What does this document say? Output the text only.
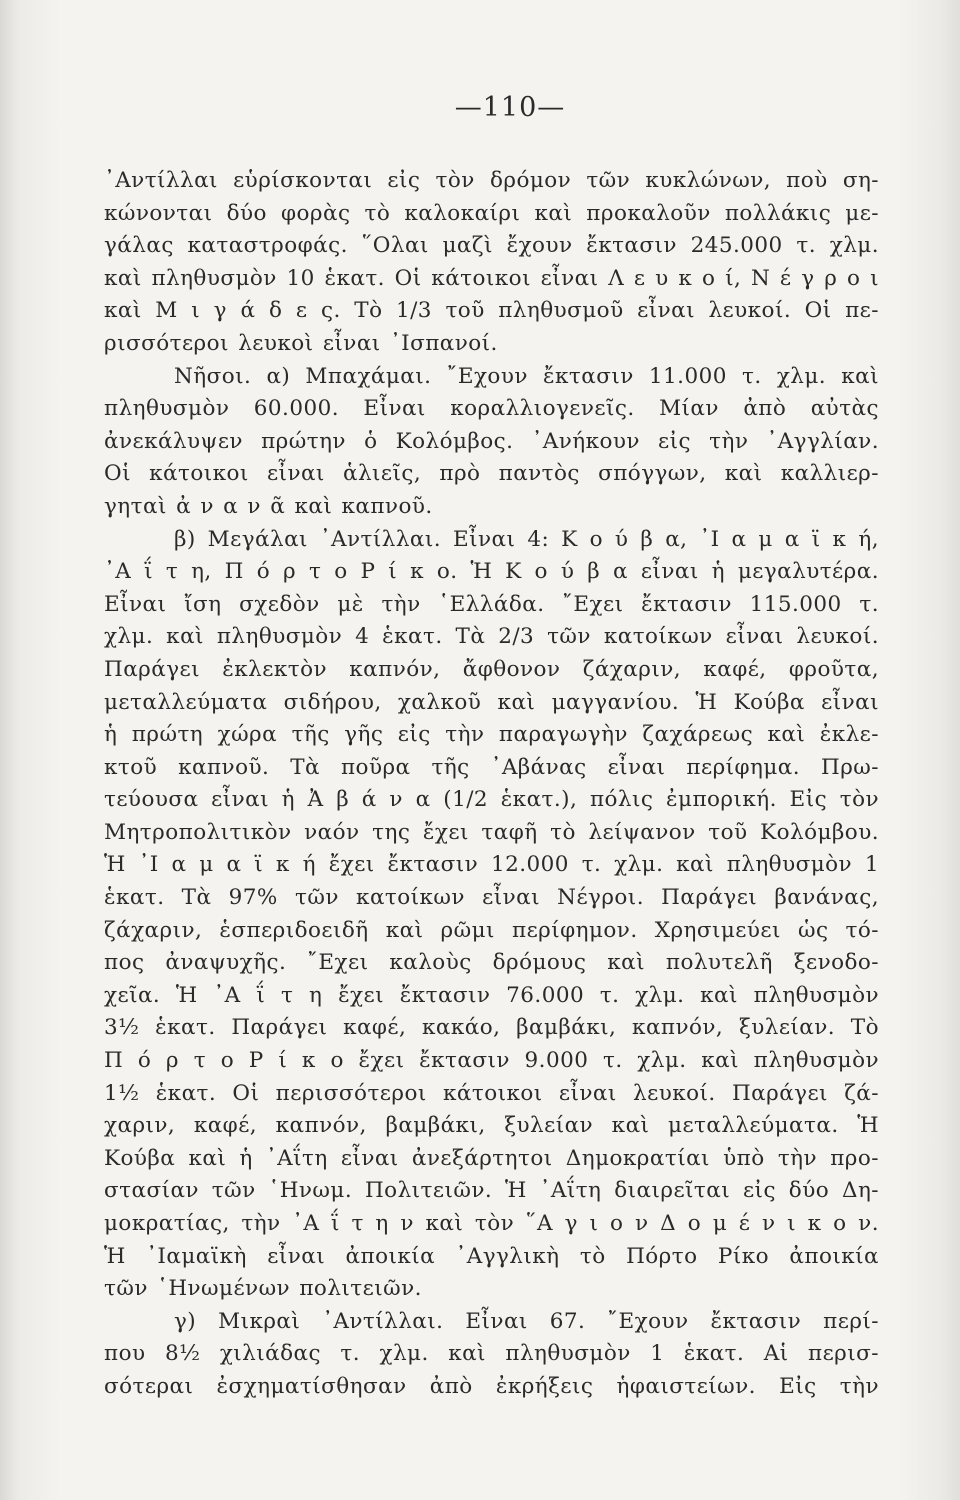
—110—
᾿Αντίλλαι εὑρίσκονται εἰς τὸν δρόμον τῶν κυκλώνων, ποὺ ση-
κώνονται δύο φορὰς τὸ καλοκαίρι καὶ προκαλοῦν πολλάκις με-
γάλας καταστροφάς. ῞Ολαι μαζὶ ἔχουν ἔκτασιν 245.000 τ. χλμ.
καὶ πληθυσμὸν 10 ἑκατ. Οἱ κάτοικοι εἶναι Λ ε υ κ ο ί, Ν έ γ ρ ο ι
καὶ Μ ι γ ά δ ε ς. Τὸ 1/3 τοῦ πληθυσμοῦ εἶναι λευκοί. Οἱ πε-
ρισσότεροι λευκοὶ εἶναι ᾿Ισπανοί.
Νῆσοι. α) Μπαχάμαι. ῎Εχουν ἔκτασιν 11.000 τ. χλμ. καὶ
πληθυσμὸν 60.000. Εἶναι κοραλλιογενεῖς. Μίαν ἀπὸ αὐτὰς
ἀνεκάλυψεν πρώτην ὁ Κολόμβος. ᾿Ανήκουν εἰς τὴν ᾿Αγγλίαν.
Οἱ κάτοικοι εἶναι ἁλιεῖς, πρὸ παντὸς σπόγγων, καὶ καλλιερ-
γηταὶ ἀ ν α ν ᾶ καὶ καπνοῦ.
β) Μεγάλαι ᾿Αντίλλαι. Εἶναι 4: Κ ο ύ β α, ᾿Ι α μ α ϊ κ ή,
᾿Α ΐ τ η, Π ό ρ τ ο Ρ ί κ ο. Ἡ Κ ο ύ β α εἶναι ἡ μεγαλυτέρα.
Εἶναι ἴση σχεδὸν μὲ τὴν ῾Ελλάδα. ῎Εχει ἔκτασιν 115.000 τ.
χλμ. καὶ πληθυσμὸν 4 ἑκατ. Τὰ 2/3 τῶν κατοίκων εἶναι λευκοί.
Παράγει ἐκλεκτὸν καπνόν, ἄφθονον ζάχαριν, καφέ, φροῦτα,
μεταλλεύματα σιδήρου, χαλκοῦ καὶ μαγγανίου. Ἡ Κούβα εἶναι
ἡ πρώτη χώρα τῆς γῆς εἰς τὴν παραγωγὴν ζαχάρεως καὶ ἐκλε-
κτοῦ καπνοῦ. Τὰ ποῦρα τῆς ᾿Αβάνας εἶναι περίφημα. Πρω-
τεύουσα εἶναι ἡ Ἀ β ά ν α (1/2 ἑκατ.), πόλις ἐμπορική. Εἰς τὸν
Μητροπολιτικὸν ναόν της ἔχει ταφῆ τὸ λείψανον τοῦ Κολόμβου.
Ἡ ᾿Ι α μ α ϊ κ ή ἔχει ἔκτασιν 12.000 τ. χλμ. καὶ πληθυσμὸν 1
ἑκατ. Τὰ 97% τῶν κατοίκων εἶναι Νέγροι. Παράγει βανάνας,
ζάχαριν, ἑσπεριδοειδῆ καὶ ρῶμι περίφημον. Χρησιμεύει ὡς τό-
πος ἀναψυχῆς. ῎Εχει καλοὺς δρόμους καὶ πολυτελῆ ξενοδο-
χεῖα. Ἡ ᾿Α ΐ τ η ἔχει ἔκτασιν 76.000 τ. χλμ. καὶ πληθυσμὸν
3½ ἑκατ. Παράγει καφέ, κακάο, βαμβάκι, καπνόν, ξυλείαν. Τὸ
Π ό ρ τ ο Ρ ί κ ο ἔχει ἔκτασιν 9.000 τ. χλμ. καὶ πληθυσμὸν
1½ ἑκατ. Οἱ περισσότεροι κάτοικοι εἶναι λευκοί. Παράγει ζά-
χαριν, καφέ, καπνόν, βαμβάκι, ξυλείαν καὶ μεταλλεύματα. Ἡ
Κούβα καὶ ἡ ᾿Αΐτη εἶναι ἀνεξάρτητοι Δημοκρατίαι ὑπὸ τὴν προ-
στασίαν τῶν ῾Ηνωμ. Πολιτειῶν. Ἡ ᾿Αΐτη διαιρεῖται εἰς δύο Δη-
μοκρατίας, τὴν ᾿Α ΐ τ η ν καὶ τὸν ῞Α γ ι ο ν Δ ο μ έ ν ι κ ο ν.
Ἡ ᾿Ιαμαϊκὴ εἶναι ἀποικία ᾿Αγγλικὴ τὸ Πόρτο Ρίκο ἀποικία
τῶν ῾Ηνωμένων πολιτειῶν.
γ) Μικραὶ ᾿Αντίλλαι. Εἶναι 67. ῎Εχουν ἔκτασιν περί-
που 8½ χιλιάδας τ. χλμ. καὶ πληθυσμὸν 1 ἑκατ. Αἱ περισ-
σότεραι ἐσχηματίσθησαν ἀπὸ ἐκρήξεις ἡφαιστείων. Εἰς τὴν
